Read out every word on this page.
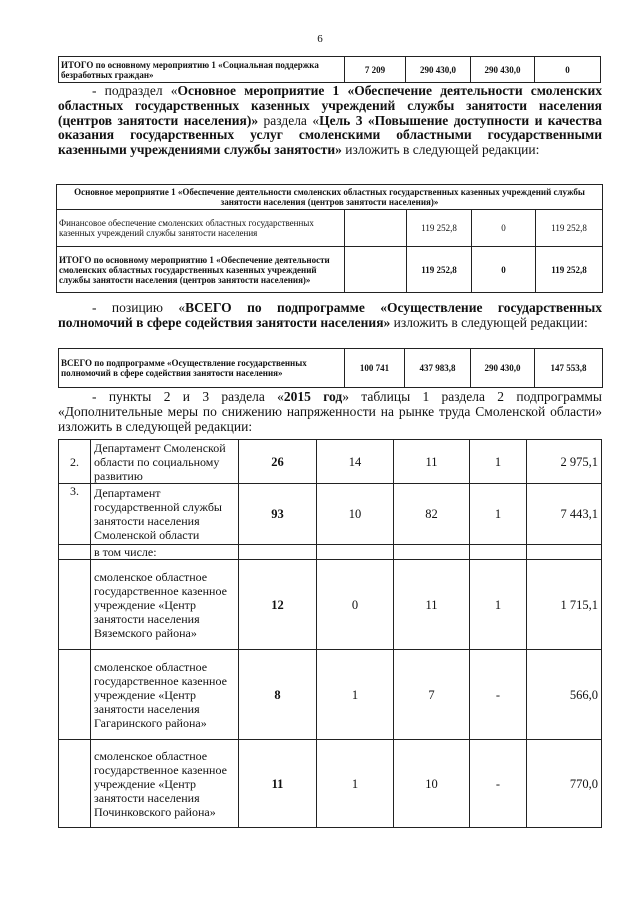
6
ИТОГО по основному мероприятию 1 «Социальная поддержка безработных граждан»	7 209	290 430,0	290 430,0	0
- подраздел «Основное мероприятие 1 «Обеспечение деятельности смоленских областных государственных казенных учреждений службы занятости населения (центров занятости населения)» раздела «Цель 3 «Повышение доступности и качества оказания государственных услуг смоленскими областными государственными казенными учреждениями службы занятости» изложить в следующей редакции:
Основное мероприятие 1 «Обеспечение деятельности смоленских областных государственных казенных учреждений службы занятости населения (центров занятости населения)»				
Финансовое обеспечение смоленских областных государственных казенных учреждений службы занятости населения		119 252,8	0	119 252,8
ИТОГО по основному мероприятию 1 «Обеспечение деятельности смоленских областных государственных казенных учреждений службы занятости населения (центров занятости населения)»		119 252,8	0	119 252,8
- позицию «ВСЕГО по подпрограмме «Осуществление государственных полномочий в сфере содействия занятости населения» изложить в следующей редакции:
ВСЕГО по подпрограмме «Осуществление государственных полномочий в сфере содействия занятости населения»	100 741	437 983,8	290 430,0	147 553,8
- пункты 2 и 3 раздела «2015 год» таблицы 1 раздела 2 подпрограммы «Дополнительные меры по снижению напряженности на рынке труда Смоленской области» изложить в следующей редакции:
2.	Департамент Смоленской области по социальному развитию	26	14	11	1	2 975,1
3.	Департамент государственной службы занятости населения Смоленской области	93	10	82	1	7 443,1
	в том числе:					
	смоленское областное государственное казенное учреждение «Центр занятости населения Вяземского района»	12	0	11	1	1 715,1
	смоленское областное государственное казенное учреждение «Центр занятости населения Гагаринского района»	8	1	7	-	566,0
	смоленское областное государственное казенное учреждение «Центр занятости населения Починковского района»	11	1	10	-	770,0
